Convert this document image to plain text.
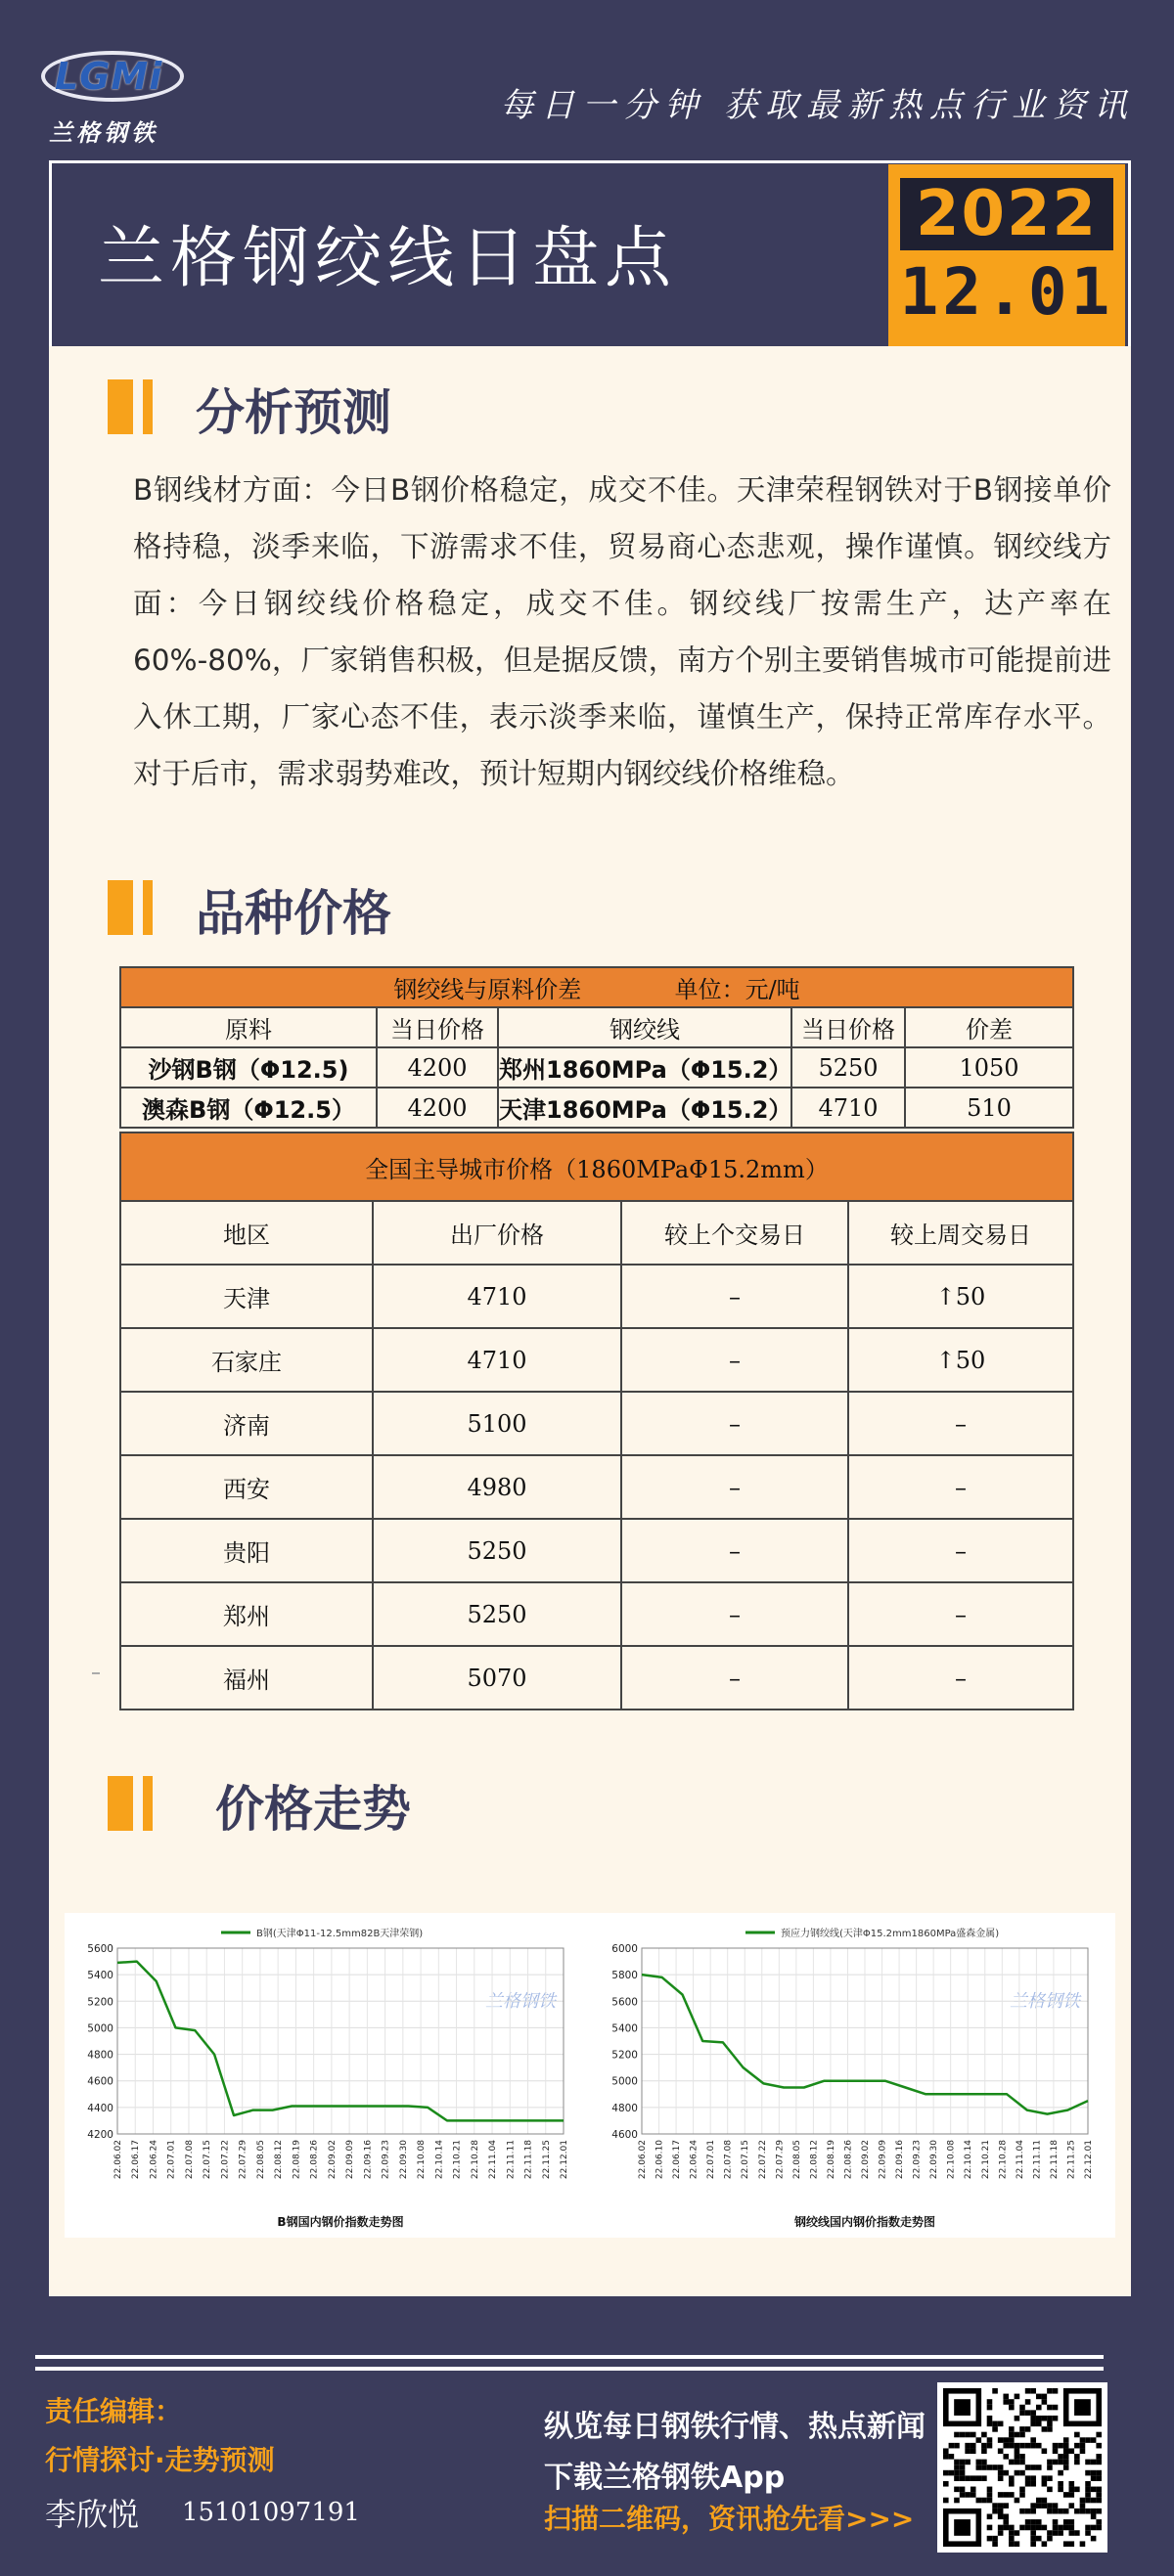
LGMi
兰格钢铁
每日一分钟 获取最新热点行业资讯
兰格钢绞线日盘点
2022
12.01
分析预测
B钢线材方面：今日B钢价格稳定，成交不佳。天津荣程钢铁对于B钢接单价格持稳，淡季来临，下游需求不佳，贸易商心态悲观，操作谨慎。钢绞线方面：今日钢绞线价格稳定，成交不佳。钢绞线厂按需生产，达产率在60%-80%，厂家销售积极，但是据反馈，南方个别主要销售城市可能提前进入休工期，厂家心态不佳，表示淡季来临，谨慎生产，保持正常库存水平。对于后市，需求弱势难改，预计短期内钢绞线价格维稳。
品种价格
钢绞线与原料价差 单位：元/吨				
原料	当日价格	钢绞线	当日价格	价差
沙钢B钢（Φ12.5)	4200	郑州1860MPa（Φ15.2）	5250	1050
澳森B钢（Φ12.5）	4200	天津1860MPa（Φ15.2）	4710	510
全国主导城市价格（1860MPaΦ15.2mm）			
地区	出厂价格	较上个交易日	较上周交易日
天津	4710	–	↑50
石家庄	4710	–	↑50
济南	5100	–	–
西安	4980	–	–
贵阳	5250	–	–
郑州	5250	–	–
福州	5070	–	–
价格走势
B钢(天津Φ11-12.5mm82B天津荣钢)
兰格钢铁
5600
5400
5200
5000
4800
4600
4400
4200
22.06.02 22.06.17 22.06.24 22.07.01 22.07.08 22.07.15 22.07.22 22.07.29 22.08.05 22.08.12 22.08.19 22.08.26 22.09.02 22.09.09 22.09.16 22.09.23 22.09.30 22.10.08 22.10.14 22.10.21 22.10.28 22.11.04 22.11.11 22.11.18 22.11.25 22.12.01
B钢国内钢价指数走势图
预应力钢绞线(天津Φ15.2mm1860MPa盛森金属)
兰格钢铁
6000
5800
5600
5400
5200
5000
4800
4600
22.06.02 22.06.10 22.06.17 22.06.24 22.07.01 22.07.08 22.07.15 22.07.22 22.07.29 22.08.05 22.08.12 22.08.19 22.08.26 22.09.02 22.09.09 22.09.16 22.09.23 22.09.30 22.10.08 22.10.14 22.10.21 22.10.28 22.11.04 22.11.11 22.11.18 22.11.25 22.12.01
钢绞线国内钢价指数走势图
责任编辑：
行情探讨·走势预测
李欣悦 15101097191
纵览每日钢铁行情、热点新闻
下载兰格钢铁App
扫描二维码，资讯抢先看>>>
